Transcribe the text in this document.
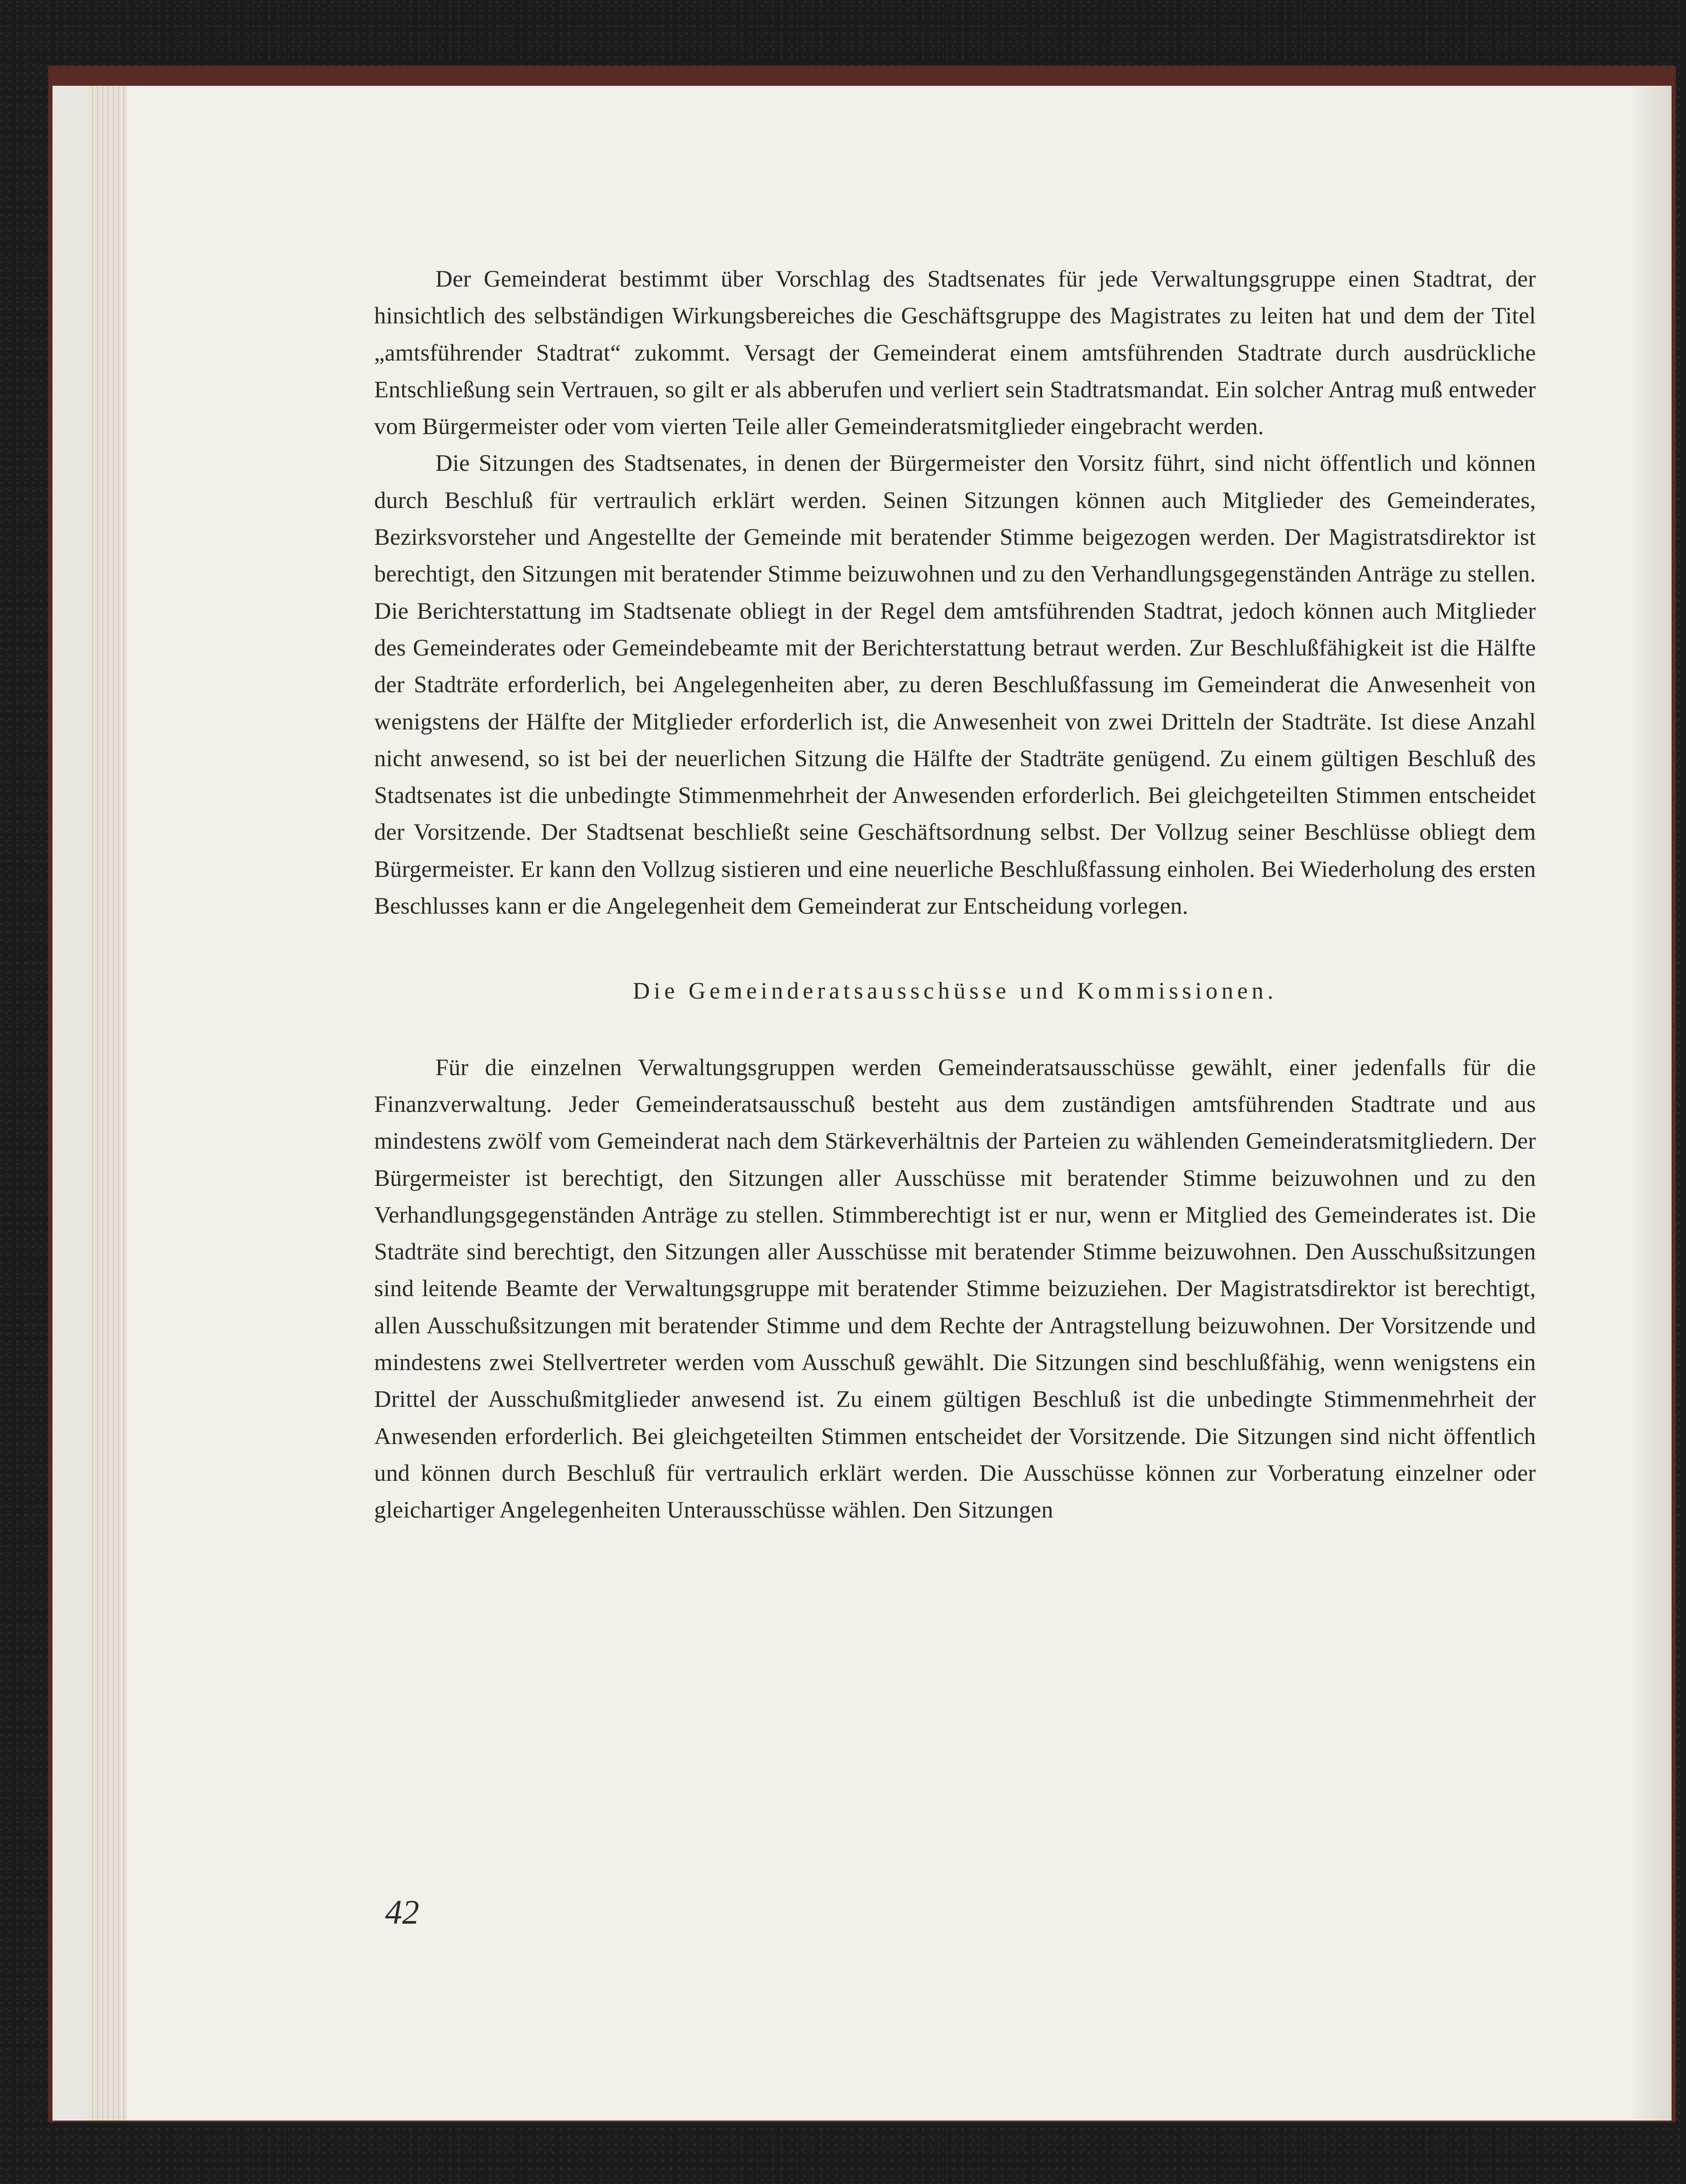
Der Gemeinderat bestimmt über Vorschlag des Stadtsenates für jede Verwaltungsgruppe einen Stadtrat, der hinsichtlich des selbständigen Wirkungsbereiches die Geschäftsgruppe des Magistrates zu leiten hat und dem der Titel „amtsführender Stadtrat“ zukommt. Versagt der Gemeinderat einem amtsführenden Stadtrate durch ausdrückliche Entschließung sein Vertrauen, so gilt er als abberufen und verliert sein Stadtratsmandat. Ein solcher Antrag muß entweder vom Bürgermeister oder vom vierten Teile aller Gemeinderatsmitglieder eingebracht werden.

Die Sitzungen des Stadtsenates, in denen der Bürgermeister den Vorsitz führt, sind nicht öffentlich und können durch Beschluß für vertraulich erklärt werden. Seinen Sitzungen können auch Mitglieder des Gemeinderates, Bezirksvorsteher und Angestellte der Gemeinde mit beratender Stimme beigezogen werden. Der Magistratsdirektor ist berechtigt, den Sitzungen mit beratender Stimme beizuwohnen und zu den Verhandlungsgegenständen Anträge zu stellen. Die Berichterstattung im Stadtsenate obliegt in der Regel dem amtsführenden Stadtrat, jedoch können auch Mitglieder des Gemeinderates oder Gemeindebeamte mit der Berichterstattung betraut werden. Zur Beschlußfähigkeit ist die Hälfte der Stadträte erforderlich, bei Angelegenheiten aber, zu deren Beschlußfassung im Gemeinderat die Anwesenheit von wenigstens der Hälfte der Mitglieder erforderlich ist, die Anwesenheit von zwei Dritteln der Stadträte. Ist diese Anzahl nicht anwesend, so ist bei der neuerlichen Sitzung die Hälfte der Stadträte genügend. Zu einem gültigen Beschluß des Stadtsenates ist die unbedingte Stimmenmehrheit der Anwesenden erforderlich. Bei gleichgeteilten Stimmen entscheidet der Vorsitzende. Der Stadtsenat beschließt seine Geschäftsordnung selbst. Der Vollzug seiner Beschlüsse obliegt dem Bürgermeister. Er kann den Vollzug sistieren und eine neuerliche Beschlußfassung einholen. Bei Wiederholung des ersten Beschlusses kann er die Angelegenheit dem Gemeinderat zur Entscheidung vorlegen.

Die Gemeinderatsausschüsse und Kommissionen.

Für die einzelnen Verwaltungsgruppen werden Gemeinderatsausschüsse gewählt, einer jedenfalls für die Finanzverwaltung. Jeder Gemeinderatsausschuß besteht aus dem zuständigen amtsführenden Stadtrate und aus mindestens zwölf vom Gemeinderat nach dem Stärkeverhältnis der Parteien zu wählenden Gemeinderatsmitgliedern. Der Bürgermeister ist berechtigt, den Sitzungen aller Ausschüsse mit beratender Stimme beizuwohnen und zu den Verhandlungsgegenständen Anträge zu stellen. Stimmberechtigt ist er nur, wenn er Mitglied des Gemeinderates ist. Die Stadträte sind berechtigt, den Sitzungen aller Ausschüsse mit beratender Stimme beizuwohnen. Den Ausschußsitzungen sind leitende Beamte der Verwaltungsgruppe mit beratender Stimme beizuziehen. Der Magistratsdirektor ist berechtigt, allen Ausschußsitzungen mit beratender Stimme und dem Rechte der Antragstellung beizuwohnen. Der Vorsitzende und mindestens zwei Stellvertreter werden vom Ausschuß gewählt. Die Sitzungen sind beschlußfähig, wenn wenigstens ein Drittel der Ausschußmitglieder anwesend ist. Zu einem gültigen Beschluß ist die unbedingte Stimmenmehrheit der Anwesenden erforderlich. Bei gleichgeteilten Stimmen entscheidet der Vorsitzende. Die Sitzungen sind nicht öffentlich und können durch Beschluß für vertraulich erklärt werden. Die Ausschüsse können zur Vorberatung einzelner oder gleichartiger Angelegenheiten Unterausschüsse wählen. Den Sitzungen

42
